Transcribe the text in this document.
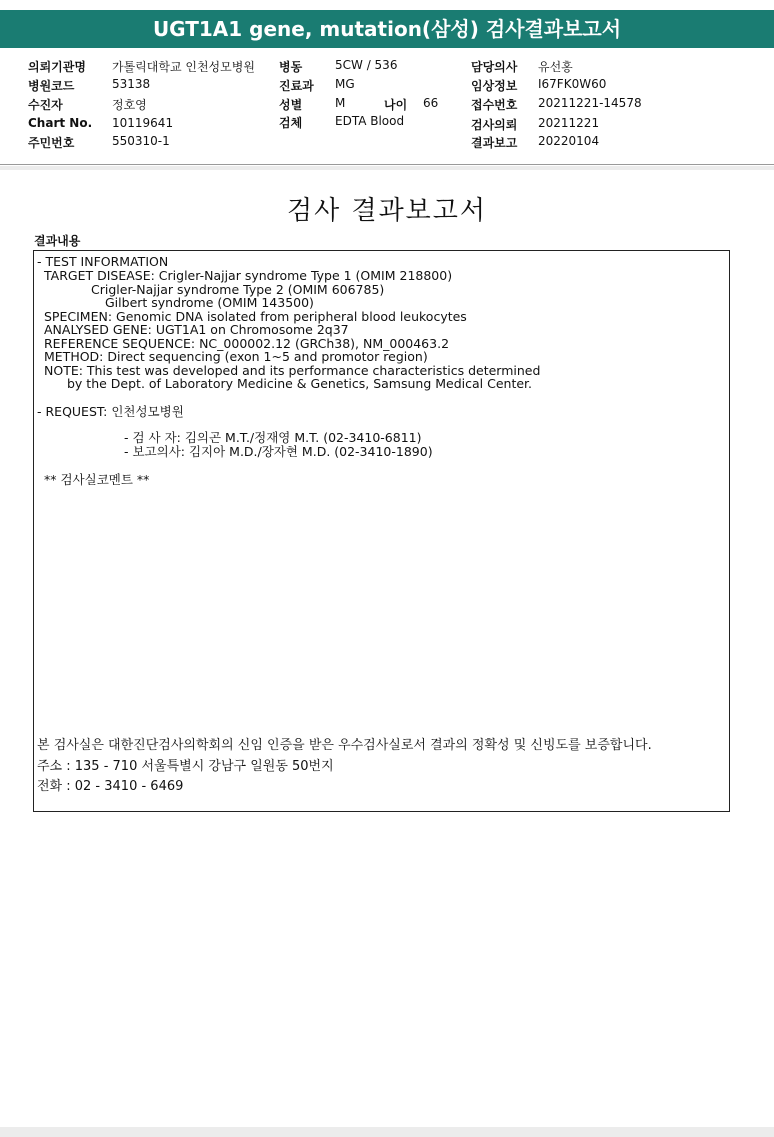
UGT1A1 gene, mutation(삼성) 검사결과보고서
의뢰기관명 가톨릭대학교 인천성모병원
병원코드	53138
수진자	정호영
Chart No. 10119641
주민번호	550310-1
병동	5CW / 536
진료과 MG
성별	M	나이 66
검체	EDTA Blood
담당의사 유선홍
임상정보 I67FK0W60
접수번호 20211221-14578
검사의뢰 20211221
결과보고 20220104
검사 결과보고서
결과내용
- TEST INFORMATION
TARGET DISEASE: Crigler-Najjar syndrome Type 1 (OMIM 218800)
Crigler-Najjar syndrome Type 2 (OMIM 606785)
Gilbert syndrome (OMIM 143500)
SPECIMEN: Genomic DNA isolated from peripheral blood leukocytes
ANALYSED GENE: UGT1A1 on Chromosome 2q37
REFERENCE SEQUENCE: NC_000002.12 (GRCh38), NM_000463.2
METHOD: Direct sequencing (exon 1~5 and promotor region)
NOTE: This test was developed and its performance characteristics determined
by the Dept. of Laboratory Medicine & Genetics, Samsung Medical Center.
- REQUEST: 인천성모병원
- 검 사 자: 김의곤 M.T./정재영 M.T. (02-3410-6811)
- 보고의사: 김지아 M.D./장자현 M.D. (02-3410-1890)
** 검사실코멘트 **
본 검사실은 대한진단검사의학회의 신임 인증을 받은 우수검사실로서 결과의 정확성 및 신빙도를 보증합니다.
주소 : 135 - 710 서울특별시 강남구 일원동 50번지
전화 : 02 - 3410 - 6469
